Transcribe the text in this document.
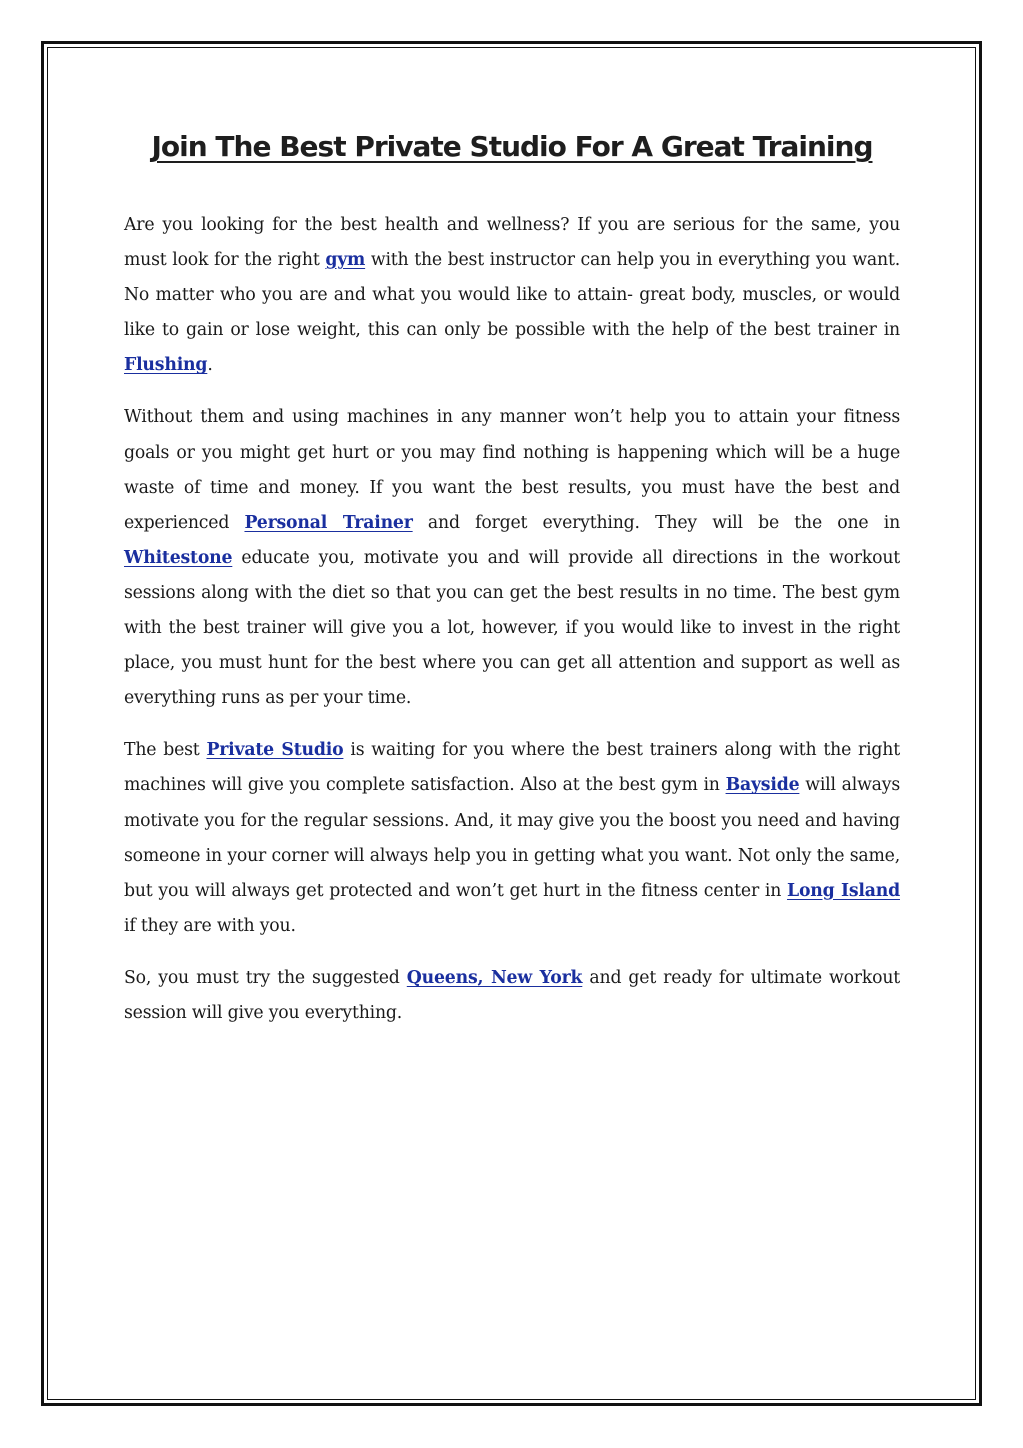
Join The Best Private Studio For A Great Training

Are you looking for the best health and wellness? If you are serious for the same, you must look for the right gym with the best instructor can help you in everything you want. No matter who you are and what you would like to attain- great body, muscles, or would like to gain or lose weight, this can only be possible with the help of the best trainer in Flushing.

Without them and using machines in any manner won’t help you to attain your fitness goals or you might get hurt or you may find nothing is happening which will be a huge waste of time and money. If you want the best results, you must have the best and experienced Personal Trainer and forget everything. They will be the one in Whitestone educate you, motivate you and will provide all directions in the workout sessions along with the diet so that you can get the best results in no time. The best gym with the best trainer will give you a lot, however, if you would like to invest in the right place, you must hunt for the best where you can get all attention and support as well as everything runs as per your time.

The best Private Studio is waiting for you where the best trainers along with the right machines will give you complete satisfaction. Also at the best gym in Bayside will always motivate you for the regular sessions. And, it may give you the boost you need and having someone in your corner will always help you in getting what you want. Not only the same, but you will always get protected and won’t get hurt in the fitness center in Long Island if they are with you.

So, you must try the suggested Queens, New York and get ready for ultimate workout session will give you everything.
